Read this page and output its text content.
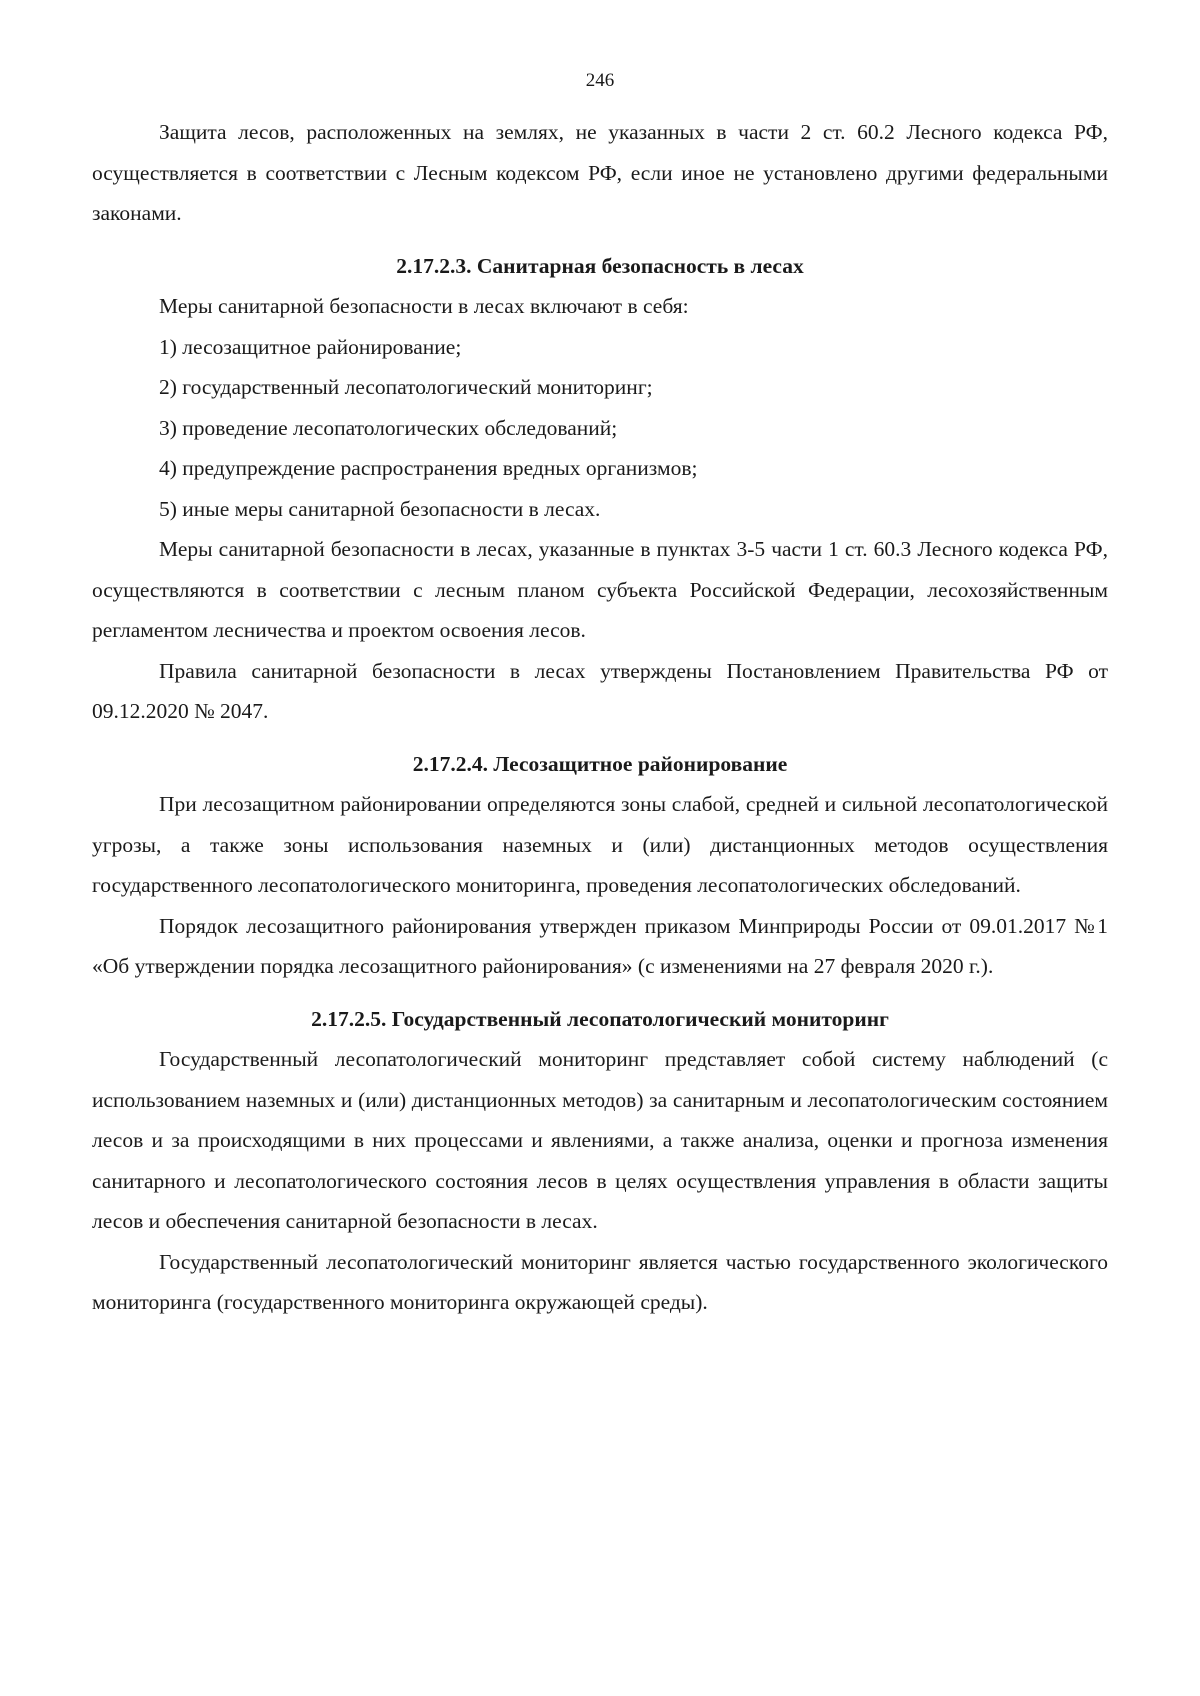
246

Защита лесов, расположенных на землях, не указанных в части 2 ст. 60.2 Лесного кодекса РФ, осуществляется в соответствии с Лесным кодексом РФ, если иное не установлено другими федеральными законами.

2.17.2.3. Санитарная безопасность в лесах

Меры санитарной безопасности в лесах включают в себя:

1) лесозащитное районирование;

2) государственный лесопатологический мониторинг;

3) проведение лесопатологических обследований;

4) предупреждение распространения вредных организмов;

5) иные меры санитарной безопасности в лесах.

Меры санитарной безопасности в лесах, указанные в пунктах 3-5 части 1 ст. 60.3 Лесного кодекса РФ, осуществляются в соответствии с лесным планом субъекта Российской Федерации, лесохозяйственным регламентом лесничества и проектом освоения лесов.

Правила санитарной безопасности в лесах утверждены Постановлением Правительства РФ от 09.12.2020 № 2047.

2.17.2.4. Лесозащитное районирование

При лесозащитном районировании определяются зоны слабой, средней и сильной лесопатологической угрозы, а также зоны использования наземных и (или) дистанционных методов осуществления государственного лесопатологического мониторинга, проведения лесопатологических обследований.

Порядок лесозащитного районирования утвержден приказом Минприроды России от 09.01.2017 №1 «Об утверждении порядка лесозащитного районирования» (с изменениями на 27 февраля 2020 г.).

2.17.2.5. Государственный лесопатологический мониторинг

Государственный лесопатологический мониторинг представляет собой систему наблюдений (с использованием наземных и (или) дистанционных методов) за санитарным и лесопатологическим состоянием лесов и за происходящими в них процессами и явлениями, а также анализа, оценки и прогноза изменения санитарного и лесопатологического состояния лесов в целях осуществления управления в области защиты лесов и обеспечения санитарной безопасности в лесах.

Государственный лесопатологический мониторинг является частью государственного экологического мониторинга (государственного мониторинга окружающей среды).
